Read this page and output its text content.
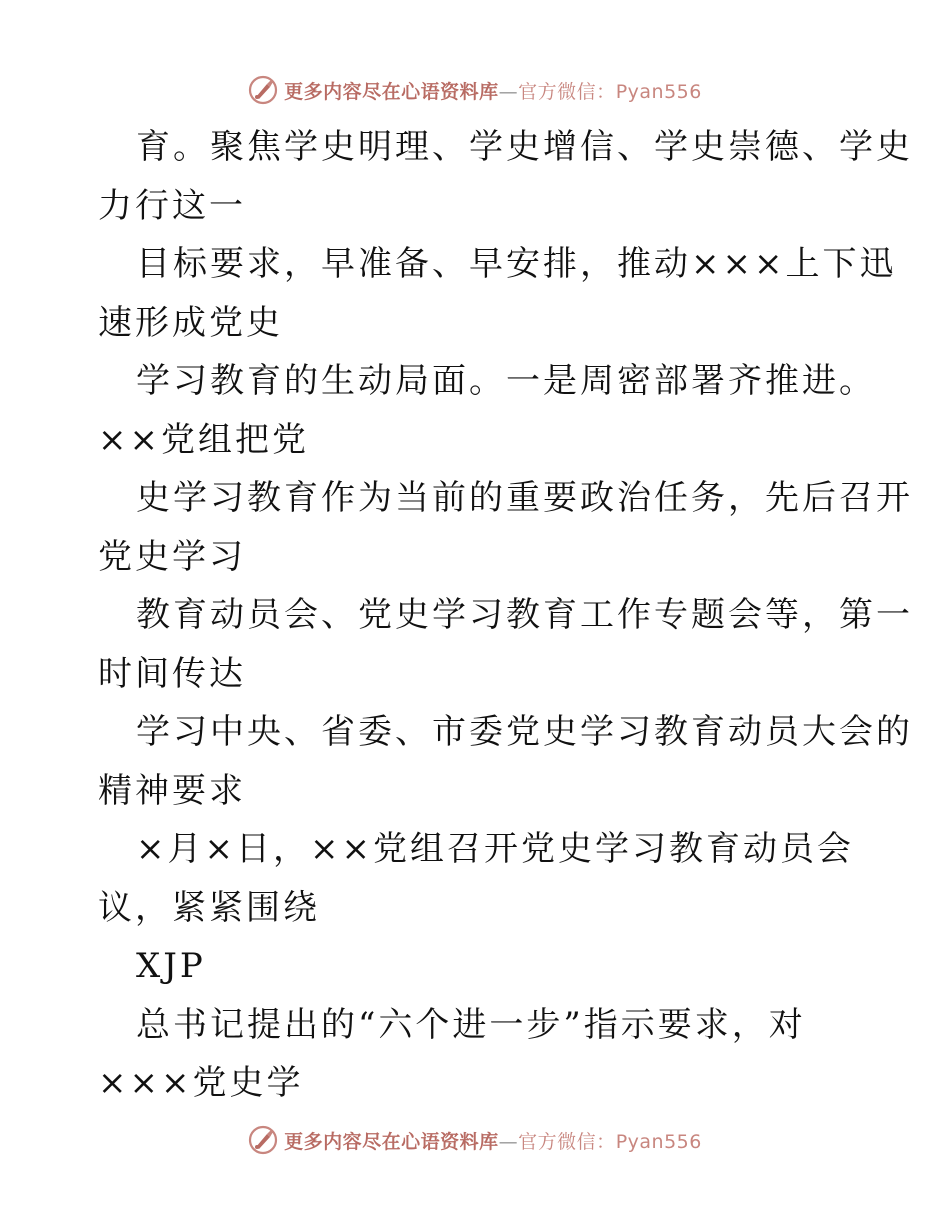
更多内容尽在心语资料库—官方微信：Pyan556
育。聚焦学史明理、学史增信、学史崇德、学史
力行这一
目标要求，早准备、早安排，推动×××上下迅
速形成党史
学习教育的生动局面。一是周密部署齐推进。
××党组把党
史学习教育作为当前的重要政治任务，先后召开
党史学习
教育动员会、党史学习教育工作专题会等，第一
时间传达
学习中央、省委、市委党史学习教育动员大会的
精神要求
×月×日，××党组召开党史学习教育动员会
议，紧紧围绕
XJP
总书记提出的“六个进一步”指示要求，对
×××党史学
更多内容尽在心语资料库—官方微信：Pyan556
